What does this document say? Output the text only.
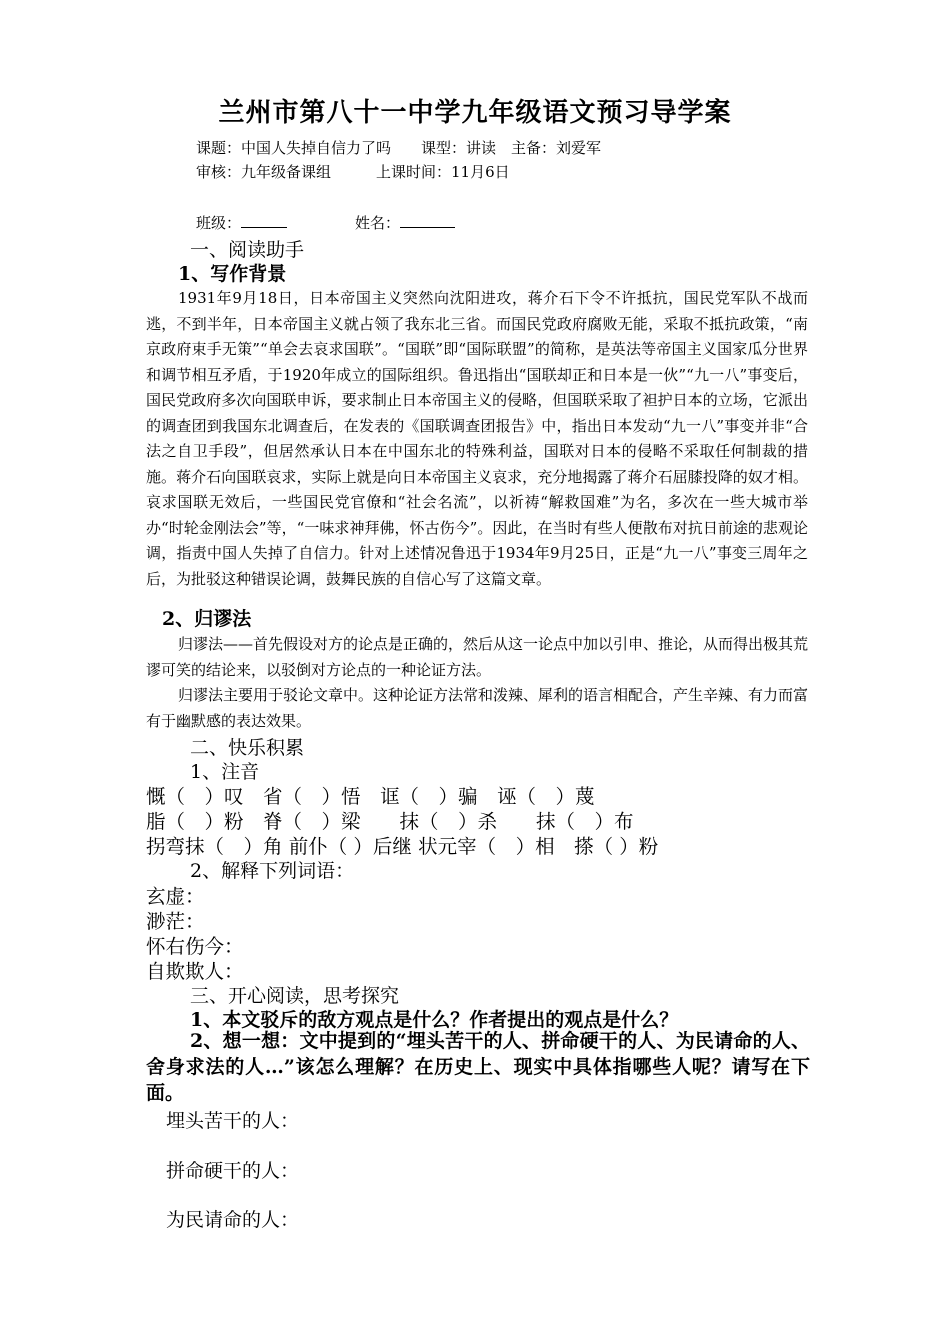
兰州市第八十一中学九年级语文预习导学案
课题：中国人失掉自信力了吗　　课型：讲读　主备：刘爱军
审核：九年级备课组　　　上课时间：11月6日
班级：	姓名：
一、阅读助手
1、写作背景

1931年9月18日，日本帝国主义突然向沈阳进攻，蒋介石下令不许抵抗，国民党军队不战而逃，不到半年，日本帝国主义就占领了我东北三省。而国民党政府腐败无能，采取不抵抗政策，“南京政府束手无策”“单会去哀求国联”。“国联”即“国际联盟”的简称，是英法等帝国主义国家瓜分世界和调节相互矛盾，于1920年成立的国际组织。鲁迅指出“国联却正和日本是一伙”“九一八”事变后，国民党政府多次向国联申诉，要求制止日本帝国主义的侵略，但国联采取了袒护日本的立场，它派出的调查团到我国东北调查后，在发表的《国联调查团报告》中，指出日本发动“九一八”事变并非“合法之自卫手段”，但居然承认日本在中国东北的特殊利益，国联对日本的侵略不采取任何制裁的措施。蒋介石向国联哀求，实际上就是向日本帝国主义哀求，充分地揭露了蒋介石屈膝投降的奴才相。哀求国联无效后，一些国民党官僚和“社会名流”，以祈祷“解救国难”为名，多次在一些大城市举办“时轮金刚法会”等，“一味求神拜佛，怀古伤今”。因此，在当时有些人便散布对抗日前途的悲观论调，指责中国人失掉了自信力。针对上述情况鲁迅于1934年9月25日，正是“九一八”事变三周年之后，为批驳这种错误论调，鼓舞民族的自信心写了这篇文章。

2、归谬法

归谬法——首先假设对方的论点是正确的，然后从这一论点中加以引申、推论，从而得出极其荒谬可笑的结论来，以驳倒对方论点的一种论证方法。

归谬法主要用于驳论文章中。这种论证方法常和泼辣、犀利的语言相配合，产生辛辣、有力而富有于幽默感的表达效果。

二、快乐积累
1、注音
慨（　）叹　省（　）悟　诓（　）骗　诬（　）蔑
脂（　）粉　脊（　）梁　　抹（　）杀　　抹（　）布
拐弯抹（　）角 前仆（ ）后继 状元宰（　）相　搽（ ）粉
2、解释下列词语：
玄虚：
渺茫：
怀右伤今：
自欺欺人：
三、开心阅读，思考探究
1、本文驳斥的敌方观点是什么？作者提出的观点是什么？

2、想一想：文中提到的“埋头苦干的人、拼命硬干的人、为民请命的人、舍身求法的人…”该怎么理解？在历史上、现实中具体指哪些人呢？请写在下面。

埋头苦干的人：
拼命硬干的人：
为民请命的人：
